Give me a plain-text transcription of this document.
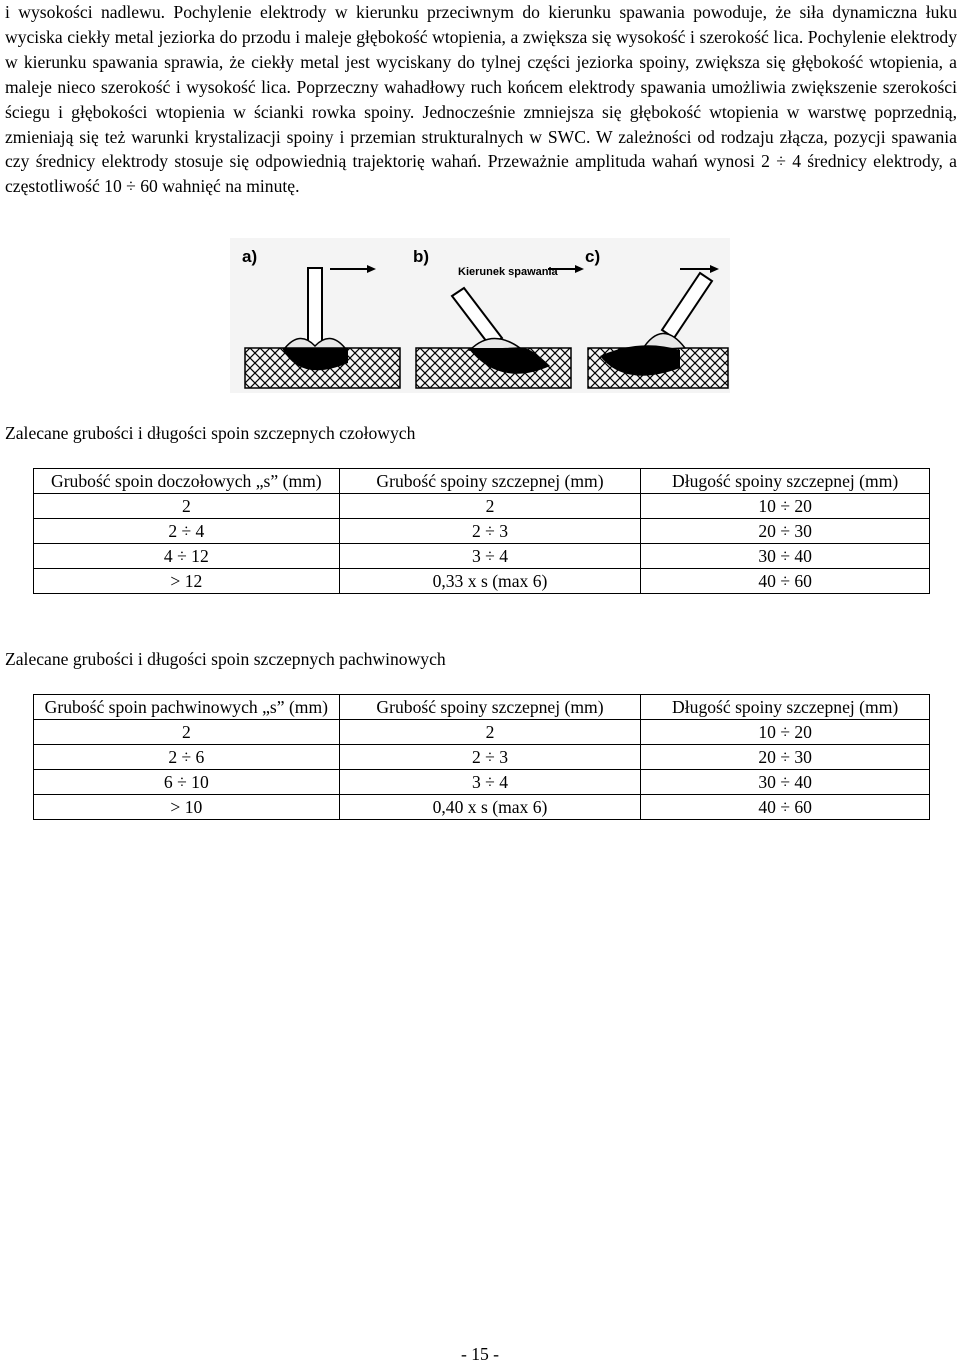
i wysokości nadlewu. Pochylenie elektrody w kierunku przeciwnym do kierunku spawania powoduje, że siła dynamiczna łuku wyciska ciekły metal jeziorka do przodu i maleje głębokość wtopienia, a zwiększa się wysokość i szerokość lica. Pochylenie elektrody w kierunku spawania sprawia, że ciekły metal jest wyciskany do tylnej części jeziorka spoiny, zwiększa się głębokość wtopienia, a maleje nieco szerokość i wysokość lica. Poprzeczny wahadłowy ruch końcem elektrody spawania umożliwia zwiększenie szerokości ściegu i głębokości wtopienia w ścianki rowka spoiny. Jednocześnie zmniejsza się głębokość wtopienia w warstwę poprzednią, zmieniają się też warunki krystalizacji spoiny i przemian strukturalnych w SWC. W zależności od rodzaju złącza, pozycji spawania czy średnicy elektrody stosuje się odpowiednią trajektorię wahań. Przeważnie amplituda wahań wynosi 2 ÷ 4 średnicy elektrody, a częstotliwość 10 ÷ 60 wahnięć na minutę.

a)	b)	c)
Kierunek spawania

Zalecane grubości i długości spoin szczepnych czołowych

Grubość spoin doczołowych „s” (mm)	Grubość spoiny szczepnej (mm)	Długość spoiny szczepnej (mm)
2	2	10 ÷ 20
2 ÷ 4	2 ÷ 3	20 ÷ 30
4 ÷ 12	3 ÷ 4	30 ÷ 40
> 12	0,33 x s (max 6)	40 ÷ 60

Zalecane grubości i długości spoin szczepnych pachwinowych

Grubość spoin pachwinowych „s” (mm)	Grubość spoiny szczepnej (mm)	Długość spoiny szczepnej (mm)
2	2	10 ÷ 20
2 ÷ 6	2 ÷ 3	20 ÷ 30
6 ÷ 10	3 ÷ 4	30 ÷ 40
> 10	0,40 x s (max 6)	40 ÷ 60

- 15 -
